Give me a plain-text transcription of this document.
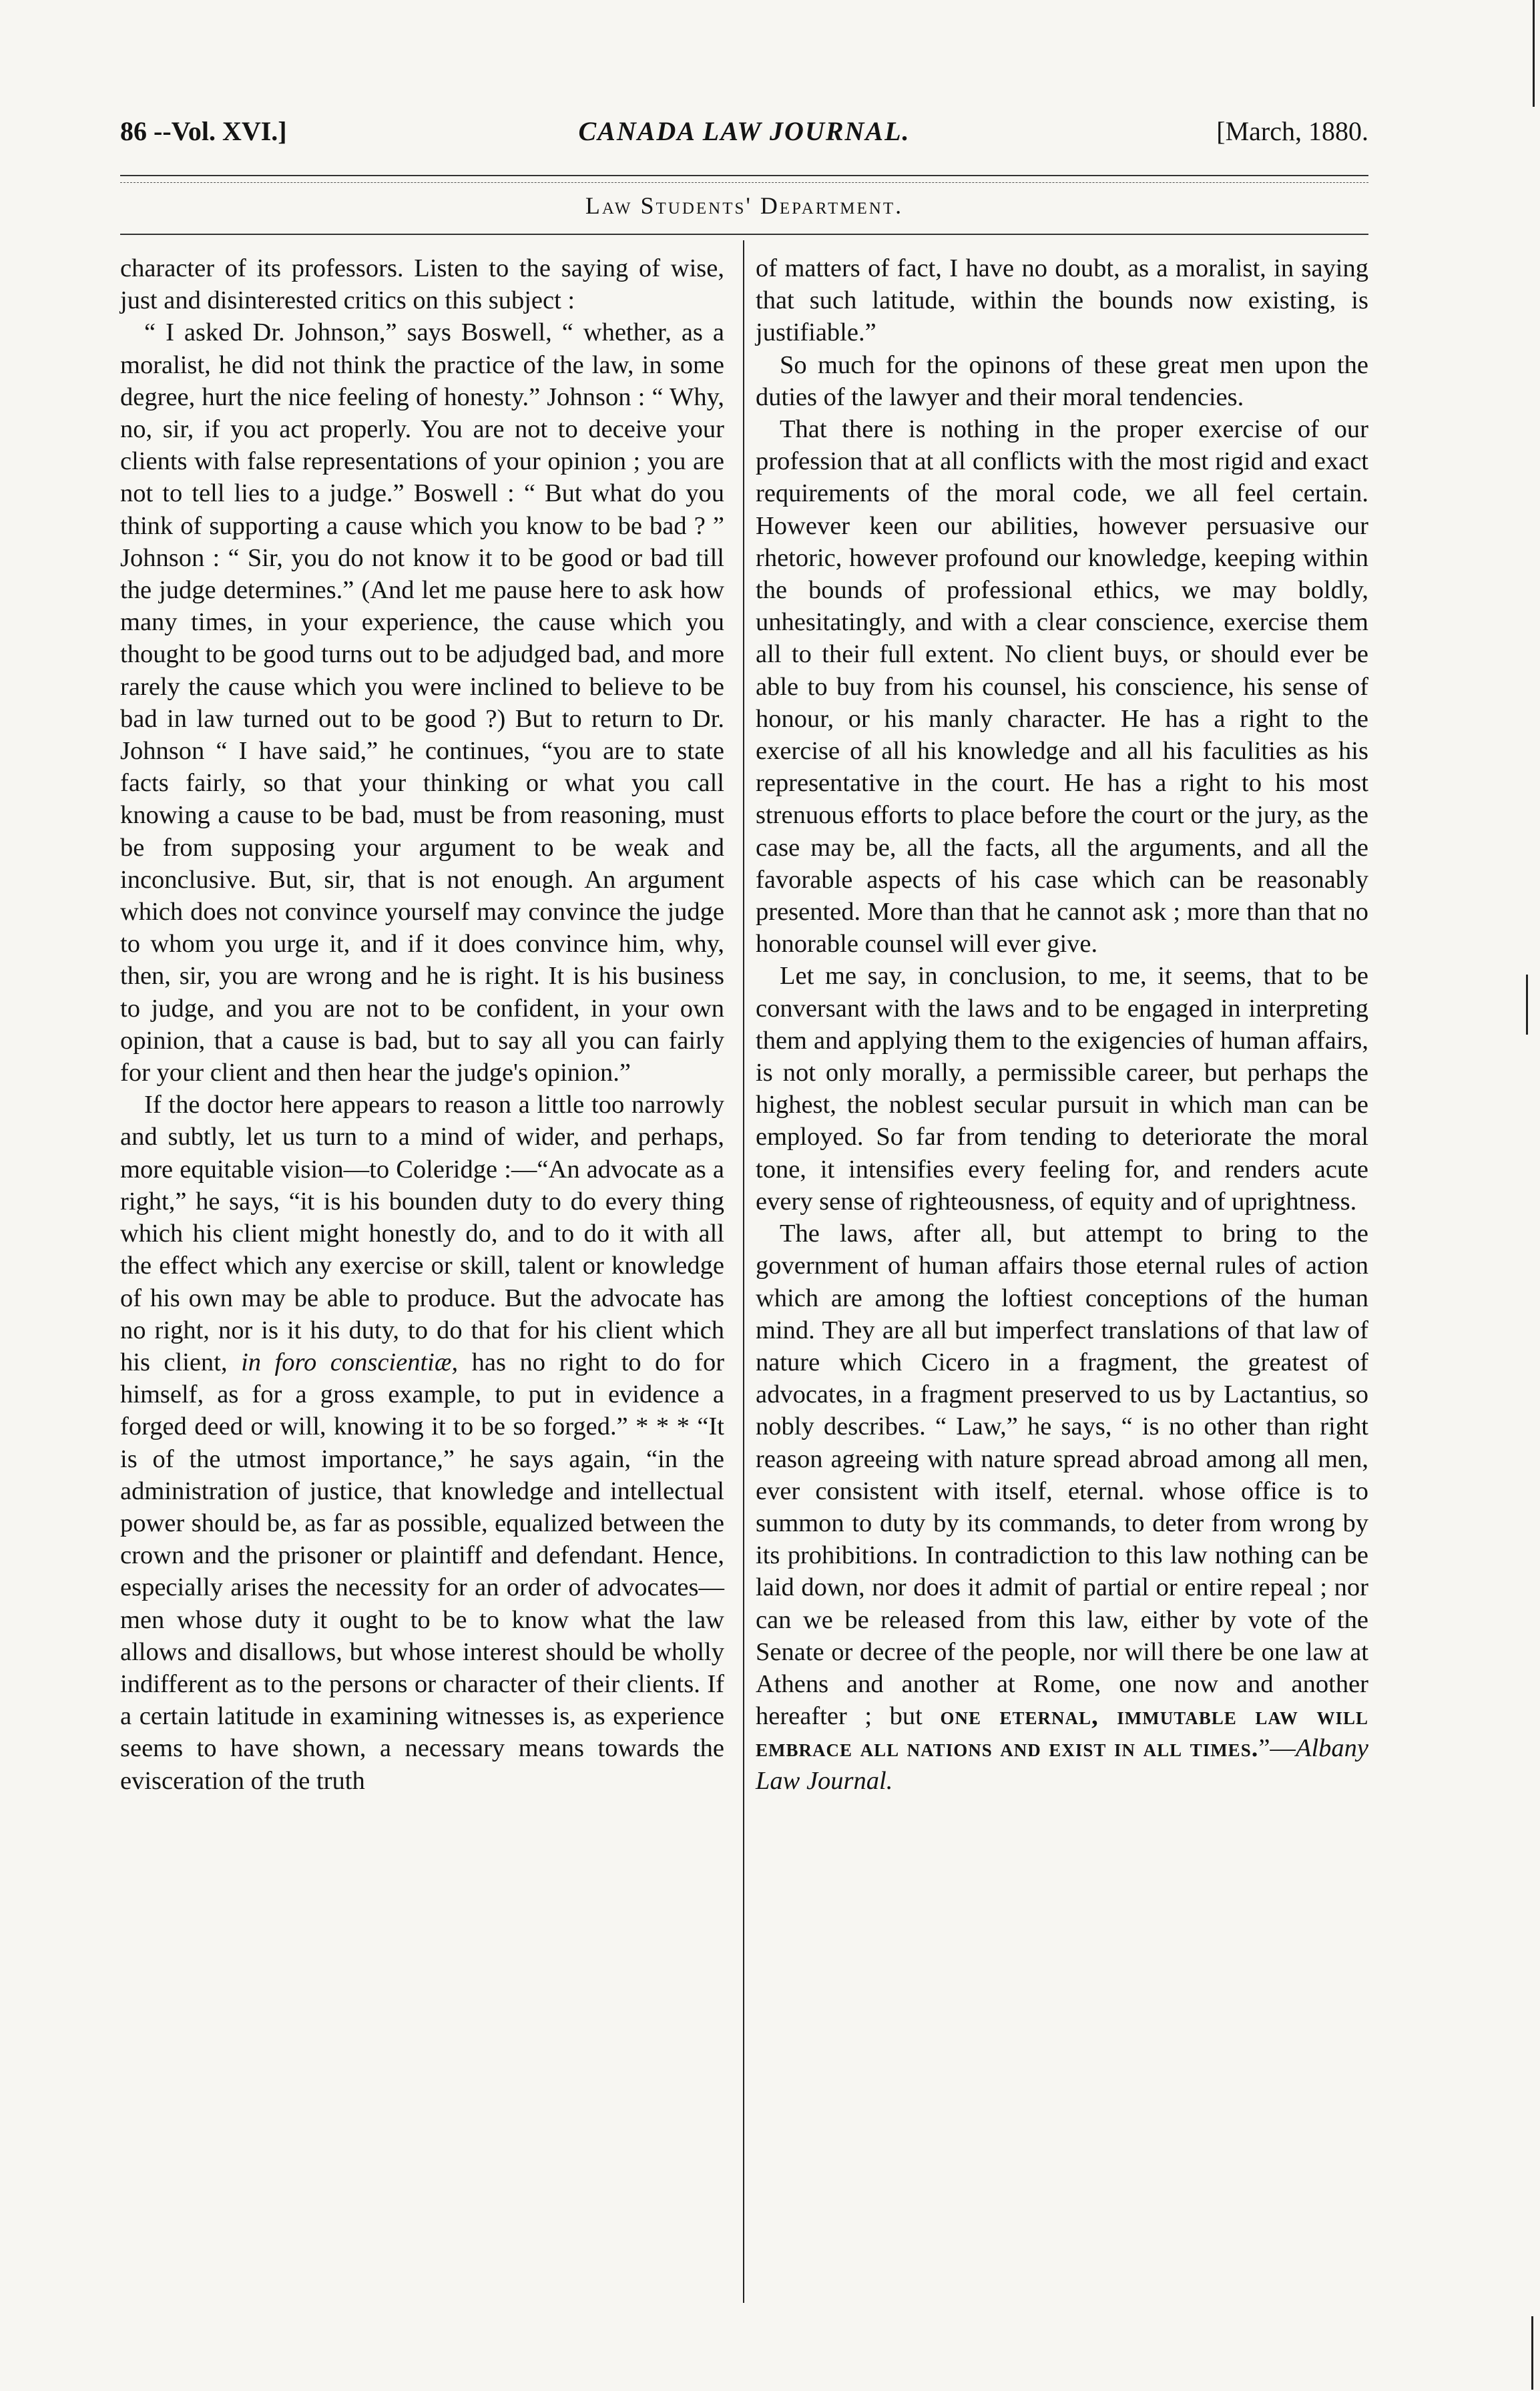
86 --Vol. XVI.]	CANADA LAW JOURNAL.	[March, 1880.
Law Students' Department.

character of its professors. Listen to the saying of wise, just and disinterested critics on this subject :

“ I asked Dr. Johnson,” says Boswell, “ whether, as a moralist, he did not think the practice of the law, in some degree, hurt the nice feeling of honesty.” Johnson : “ Why, no, sir, if you act properly. You are not to deceive your clients with false representations of your opinion ; you are not to tell lies to a judge.” Boswell : “ But what do you think of supporting a cause which you know to be bad ? ” Johnson : “ Sir, you do not know it to be good or bad till the judge determines.” (And let me pause here to ask how many times, in your experience, the cause which you thought to be good turns out to be adjudged bad, and more rarely the cause which you were inclined to believe to be bad in law turned out to be good ?) But to return to Dr. Johnson “ I have said,” he continues, “you are to state facts fairly, so that your thinking or what you call knowing a cause to be bad, must be from reasoning, must be from supposing your argument to be weak and inconclusive. But, sir, that is not enough. An argument which does not convince yourself may convince the judge to whom you urge it, and if it does convince him, why, then, sir, you are wrong and he is right. It is his business to judge, and you are not to be confident, in your own opinion, that a cause is bad, but to say all you can fairly for your client and then hear the judge's opinion.”

If the doctor here appears to reason a little too narrowly and subtly, let us turn to a mind of wider, and perhaps, more equitable vision—to Coleridge :—“An advocate as a right,” he says, “it is his bounden duty to do every thing which his client might honestly do, and to do it with all the effect which any exercise or skill, talent or knowledge of his own may be able to produce. But the advocate has no right, nor is it his duty, to do that for his client which his client, in foro conscientiæ, has no right to do for himself, as for a gross example, to put in evidence a forged deed or will, knowing it to be so forged.” * * * “It is of the utmost importance,” he says again, “in the administration of justice, that knowledge and intellectual power should be, as far as possible, equalized between the crown and the prisoner or plaintiff and defendant. Hence, especially arises the necessity for an order of advocates—men whose duty it ought to be to know what the law allows and disallows, but whose interest should be wholly indifferent as to the persons or character of their clients. If a certain latitude in examining witnesses is, as experience seems to have shown, a necessary means towards the evisceration of the truth

of matters of fact, I have no doubt, as a moralist, in saying that such latitude, within the bounds now existing, is justifiable.”

So much for the opinons of these great men upon the duties of the lawyer and their moral tendencies.

That there is nothing in the proper exercise of our profession that at all conflicts with the most rigid and exact requirements of the moral code, we all feel certain. However keen our abilities, however persuasive our rhetoric, however profound our knowledge, keeping within the bounds of professional ethics, we may boldly, unhesitatingly, and with a clear conscience, exercise them all to their full extent. No client buys, or should ever be able to buy from his counsel, his conscience, his sense of honour, or his manly character. He has a right to the exercise of all his knowledge and all his faculities as his representative in the court. He has a right to his most strenuous efforts to place before the court or the jury, as the case may be, all the facts, all the arguments, and all the favorable aspects of his case which can be reasonably presented. More than that he cannot ask ; more than that no honorable counsel will ever give.

Let me say, in conclusion, to me, it seems, that to be conversant with the laws and to be engaged in interpreting them and applying them to the exigencies of human affairs, is not only morally, a permissible career, but perhaps the highest, the noblest secular pursuit in which man can be employed. So far from tending to deteriorate the moral tone, it intensifies every feeling for, and renders acute every sense of righteousness, of equity and of uprightness.

The laws, after all, but attempt to bring to the government of human affairs those eternal rules of action which are among the loftiest conceptions of the human mind. They are all but imperfect translations of that law of nature which Cicero in a fragment, the greatest of advocates, in a fragment preserved to us by Lactantius, so nobly describes. “ Law,” he says, “ is no other than right reason agreeing with nature spread abroad among all men, ever consistent with itself, eternal. whose office is to summon to duty by its commands, to deter from wrong by its prohibitions. In contradiction to this law nothing can be laid down, nor does it admit of partial or entire repeal ; nor can we be released from this law, either by vote of the Senate or decree of the people, nor will there be one law at Athens and another at Rome, one now and another hereafter ; but one eternal, immutable law will embrace all nations and exist in all times.”—Albany Law Journal.
